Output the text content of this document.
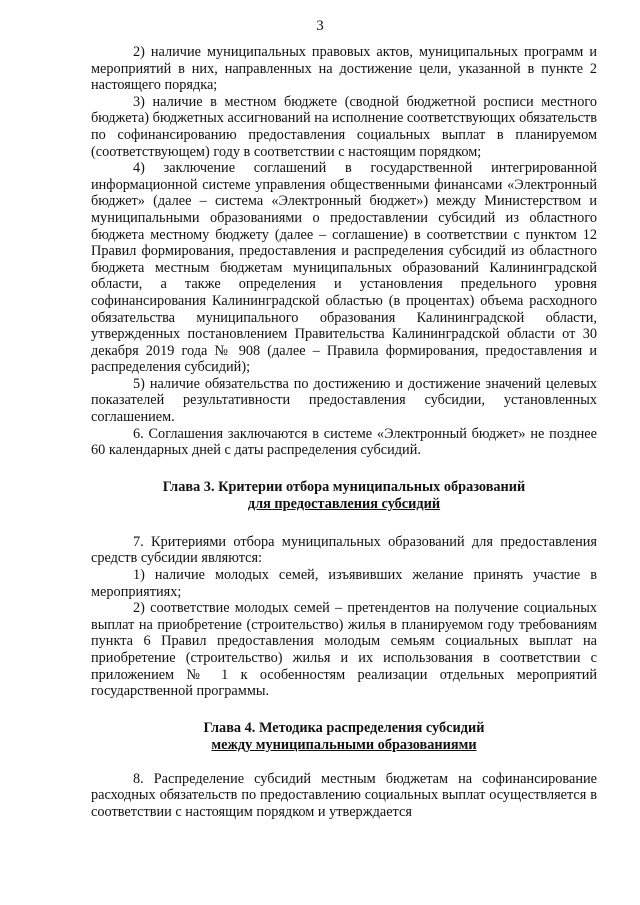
3

2) наличие муниципальных правовых актов, муниципальных программ и мероприятий в них, направленных на достижение цели, указанной в пункте 2 настоящего порядка;

3) наличие в местном бюджете (сводной бюджетной росписи местного бюджета) бюджетных ассигнований на исполнение соответствующих обязательств по софинансированию предоставления социальных выплат в планируемом (соответствующем) году в соответствии с настоящим порядком;

4) заключение соглашений в государственной интегрированной информационной системе управления общественными финансами «Электронный бюджет» (далее – система «Электронный бюджет») между Министерством и муниципальными образованиями о предоставлении субсидий из областного бюджета местному бюджету (далее – соглашение) в соответствии с пунктом 12 Правил формирования, предоставления и распределения субсидий из областного бюджета местным бюджетам муниципальных образований Калининградской области, а также определения и установления предельного уровня софинансирования Калининградской областью (в процентах) объема расходного обязательства муниципального образования Калининградской области, утвержденных постановлением Правительства Калининградской области от 30 декабря 2019 года № 908 (далее – Правила формирования, предоставления и распределения субсидий);

5) наличие обязательства по достижению и достижение значений целевых показателей результативности предоставления субсидии, установленных соглашением.

6. Соглашения заключаются в системе «Электронный бюджет» не позднее 60 календарных дней с даты распределения субсидий.

Глава 3. Критерии отбора муниципальных образований
для предоставления субсидий

7. Критериями отбора муниципальных образований для предоставления средств субсидии являются:

1) наличие молодых семей, изъявивших желание принять участие в мероприятиях;

2) соответствие молодых семей – претендентов на получение социальных выплат на приобретение (строительство) жилья в планируемом году требованиям пункта 6 Правил предоставления молодым семьям социальных выплат на приобретение (строительство) жилья и их использования в соответствии с приложением № 1 к особенностям реализации отдельных мероприятий государственной программы.

Глава 4. Методика распределения субсидий
между муниципальными образованиями

8. Распределение субсидий местным бюджетам на софинансирование расходных обязательств по предоставлению социальных выплат осуществляется в соответствии с настоящим порядком и утверждается
